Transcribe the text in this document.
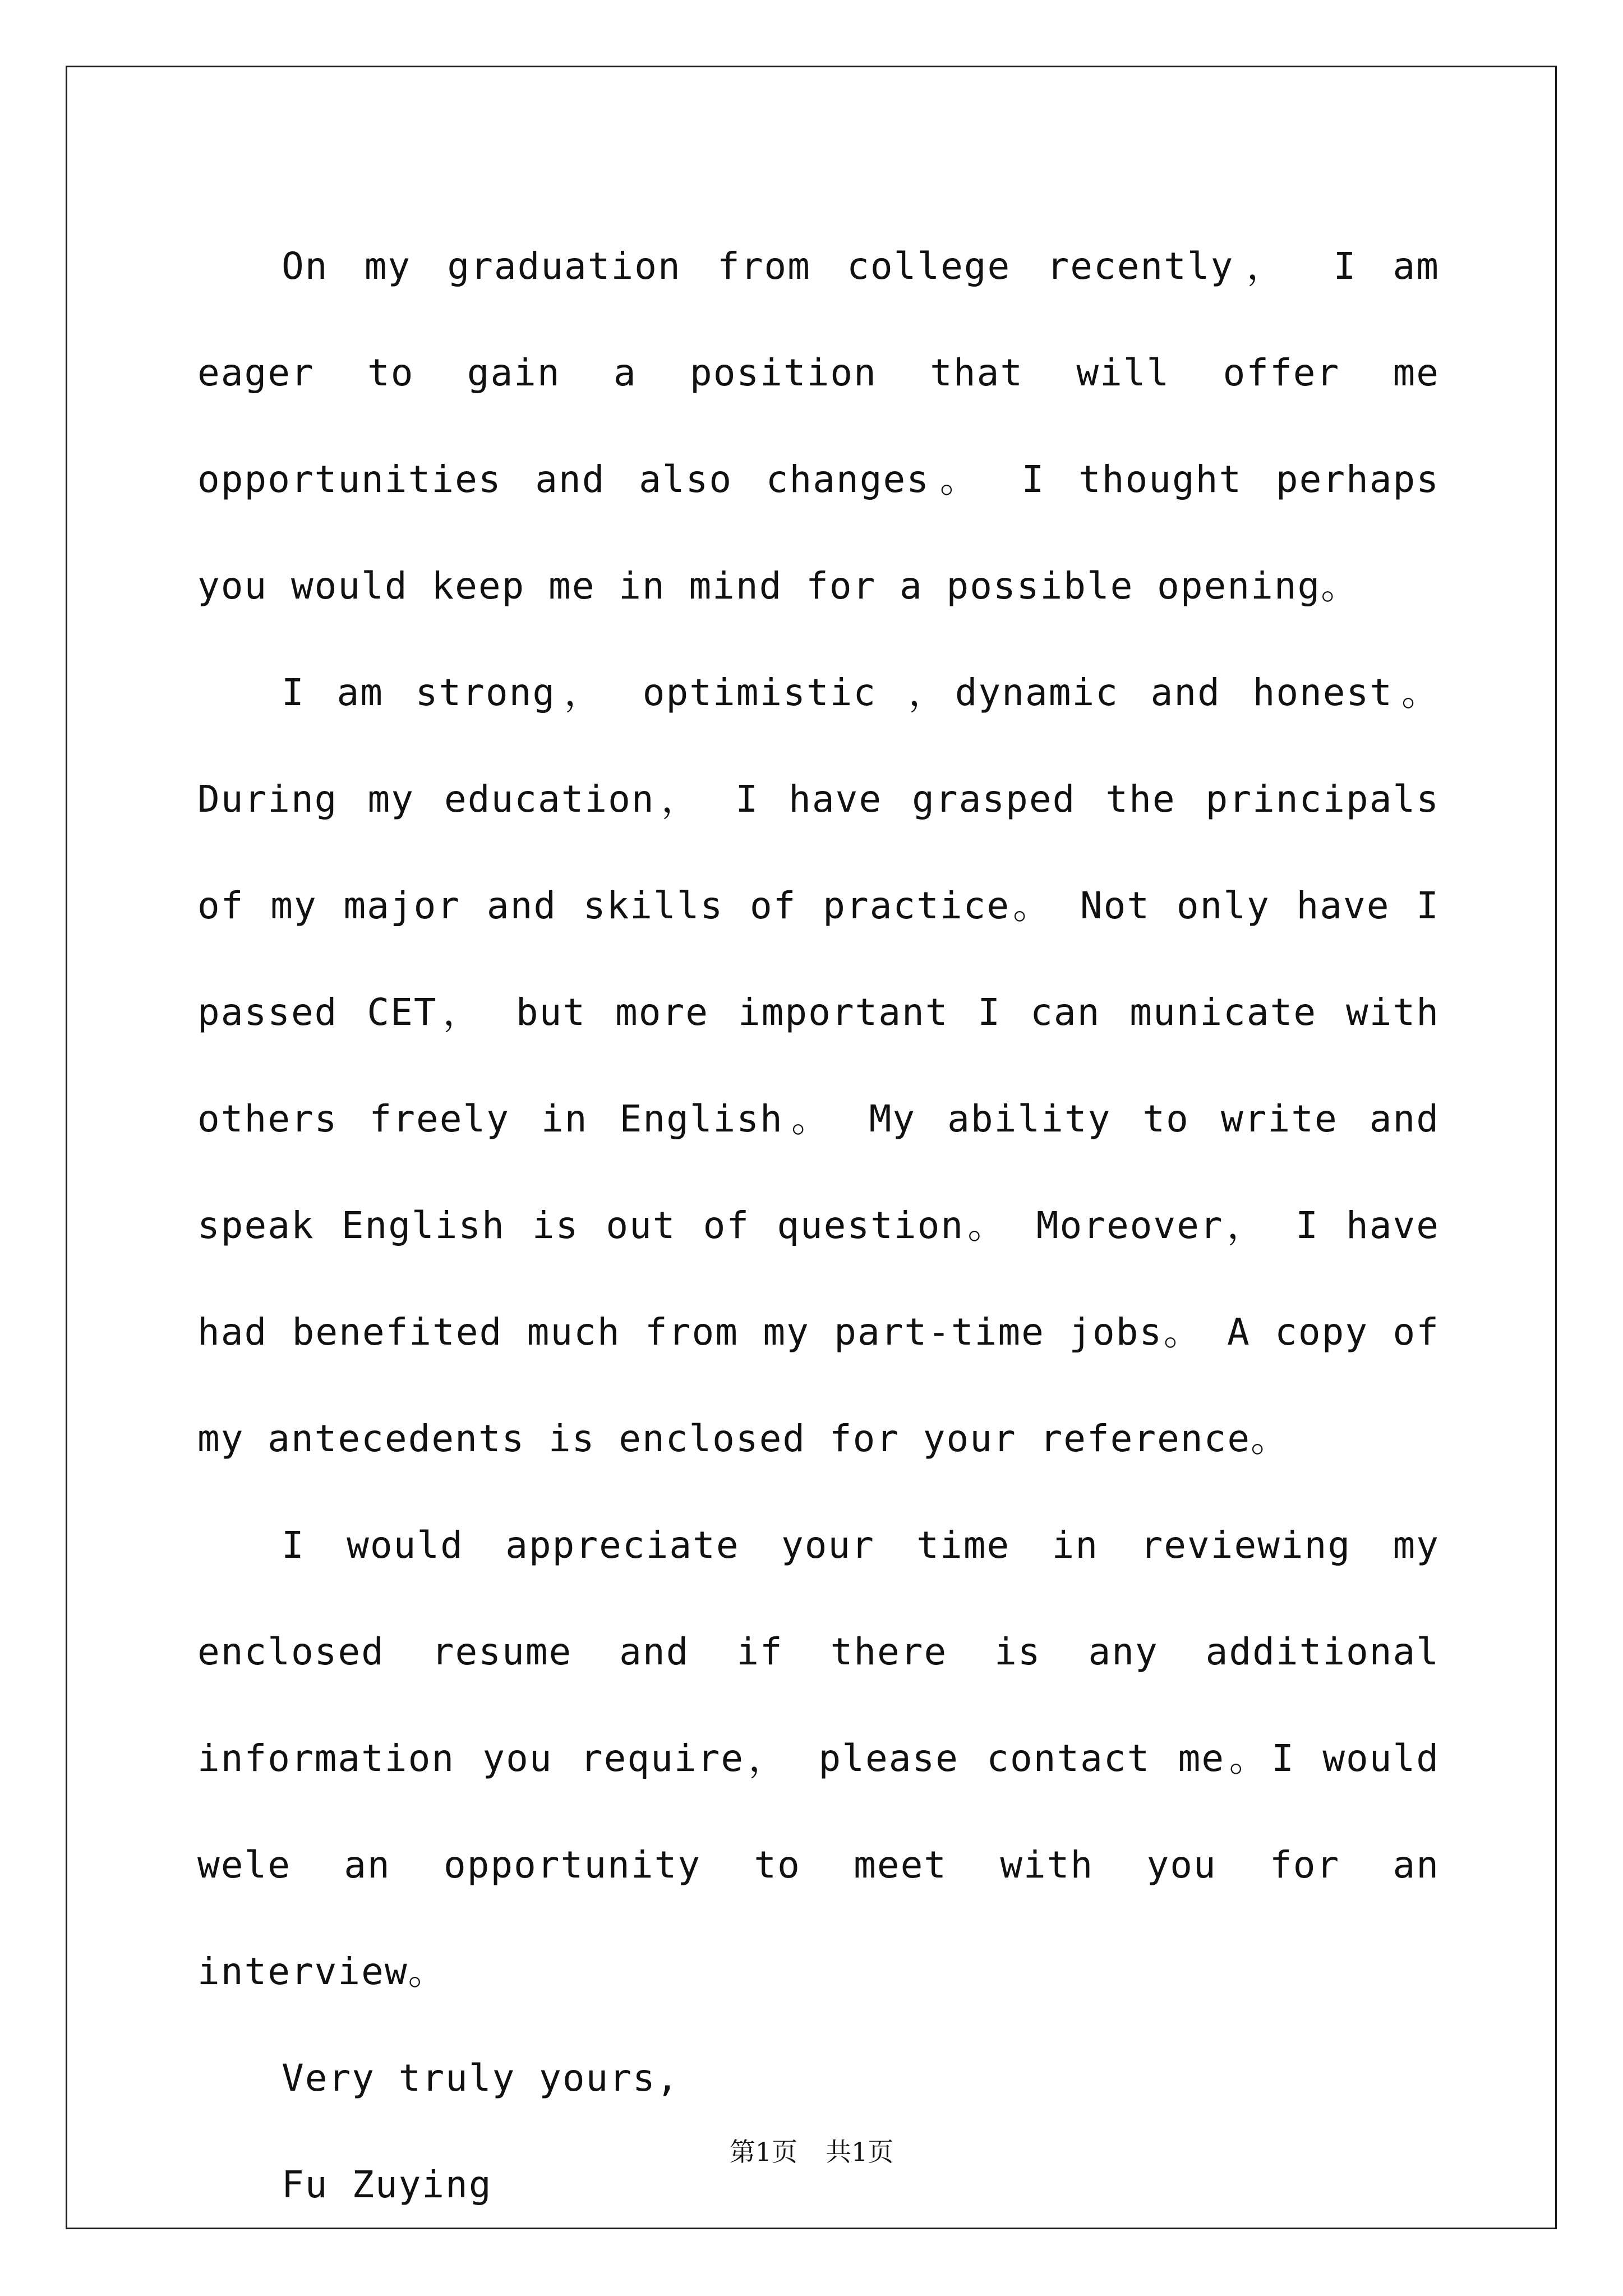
On my graduation from college recently， I am eager to gain a position that will offer me opportunities and also changes。 I thought perhaps you would keep me in mind for a possible opening。

I am strong， optimistic ，dynamic and honest。During my education， I have grasped the principals of my major and skills of practice。 Not only have I passed CET， but more important I can municate with others freely in English。 My ability to write and speak English is out of question。 Moreover， I have had benefited much from my part-time jobs。 A copy of my antecedents is enclosed for your reference。

I would appreciate your time in reviewing my enclosed resume and if there is any additional information you require， please contact me。I would wele an opportunity to meet with you for an interview。

Very truly yours,

Fu Zuying

第1页 共1页
